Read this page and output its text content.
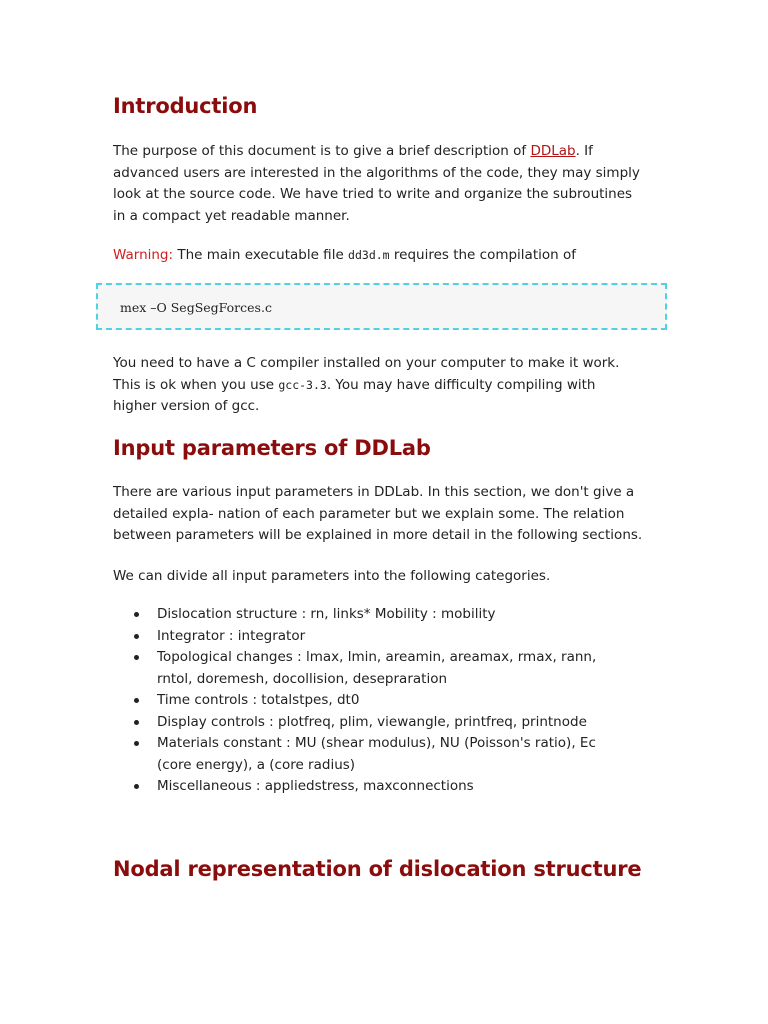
Introduction

The purpose of this document is to give a brief description of DDLab. If advanced users are interested in the algorithms of the code, they may simply look at the source code. We have tried to write and organize the subroutines in a compact yet readable manner.

Warning: The main executable file dd3d.m requires the compilation of

mex –O SegSegForces.c

You need to have a C compiler installed on your computer to make it work. This is ok when you use gcc-3.3. You may have difficulty compiling with higher version of gcc.

Input parameters of DDLab

There are various input parameters in DDLab. In this section, we don't give a detailed expla- nation of each parameter but we explain some. The relation between parameters will be explained in more detail in the following sections.

We can divide all input parameters into the following categories.

Dislocation structure : rn, links* Mobility : mobility
Integrator : integrator
Topological changes : lmax, lmin, areamin, areamax, rmax, rann, rntol, doremesh, docollision, desepraration
Time controls : totalstpes, dt0
Display controls : plotfreq, plim, viewangle, printfreq, printnode
Materials constant : MU (shear modulus), NU (Poisson's ratio), Ec (core energy), a (core radius)
Miscellaneous : appliedstress, maxconnections
Nodal representation of dislocation structure
